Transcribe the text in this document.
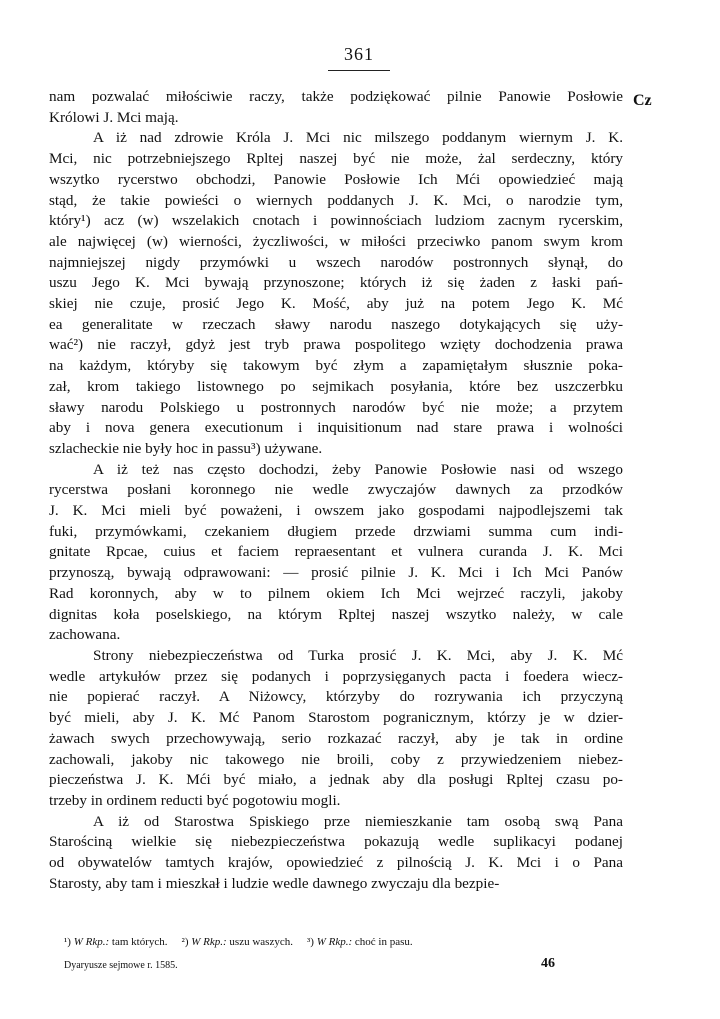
361
Cz
nam pozwalać miłościwie raczy, także podziękować pilnie Panowie Posłowie
Królowi J. Mci mają.
A iż nad zdrowie Króla J. Mci nic milszego poddanym wiernym J. K.
Mci, nic potrzebniejszego Rpltej naszej być nie może, żal serdeczny, który
wszytko rycerstwo obchodzi, Panowie Posłowie Ich Mći opowiedzieć mają
stąd, że takie powieści o wiernych poddanych J. K. Mci, o narodzie tym,
który¹) acz (w) wszelakich cnotach i powinnościach ludziom zacnym rycerskim,
ale najwięcej (w) wierności, życzliwości, w miłości przeciwko panom swym krom
najmniejszej nigdy przymówki u wszech narodów postronnych słynął, do
uszu Jego K. Mci bywają przynoszone; których iż się żaden z łaski pań-
skiej nie czuje, prosić Jego K. Mość, aby już na potem Jego K. Mć
ea generalitate w rzeczach sławy narodu naszego dotykających się uży-
wać²) nie raczył, gdyż jest tryb prawa pospolitego wzięty dochodzenia prawa
na każdym, któryby się takowym być złym a zapamiętałym słusznie poka-
zał, krom takiego listownego po sejmikach posyłania, które bez uszczerbku
sławy narodu Polskiego u postronnych narodów być nie może; a przytem
aby i nova genera executionum i inquisitionum nad stare prawa i wolności
szlacheckie nie były hoc in passu³) używane.
A iż też nas często dochodzi, żeby Panowie Posłowie nasi od wszego
rycerstwa posłani koronnego nie wedle zwyczajów dawnych za przodków
J. K. Mci mieli być poważeni, i owszem jako gospodami najpodlejszemi tak
fuki, przymówkami, czekaniem długiem przede drzwiami summa cum indi-
gnitate Rpcae, cuius et faciem repraesentant et vulnera curanda J. K. Mci
przynoszą, bywają odprawowani: — prosić pilnie J. K. Mci i Ich Mci Panów
Rad koronnych, aby w to pilnem okiem Ich Mci wejrzeć raczyli, jakoby
dignitas koła poselskiego, na którym Rpltej naszej wszytko należy, w cale
zachowana.
Strony niebezpieczeństwa od Turka prosić J. K. Mci, aby J. K. Mć
wedle artykułów przez się podanych i poprzysięganych pacta i foedera wiecz-
nie popierać raczył. A Niżowcy, którzyby do rozrywania ich przyczyną
być mieli, aby J. K. Mć Panom Starostom pogranicznym, którzy je w dzier-
żawach swych przechowywają, serio rozkazać raczył, aby je tak in ordine
zachowali, jakoby nic takowego nie broili, coby z przywiedzeniem niebez-
pieczeństwa J. K. Mći być miało, a jednak aby dla posługi Rpltej czasu po-
trzeby in ordinem reducti być pogotowiu mogli.
A iż od Starostwa Spiskiego prze niemieszkanie tam osobą swą Pana
Starościną wielkie się niebezpieczeństwa pokazują wedle suplikacyi podanej
od obywatelów tamtych krajów, opowiedzieć z pilnością J. K. Mci i o Pana
Starosty, aby tam i mieszkał i ludzie wedle dawnego zwyczaju dla bezpie-
¹) W Rkp.: tam których. ²) W Rkp.: uszu waszych. ³) W Rkp.: choć in pasu.
Dyaryusze sejmowe r. 1585.	46
